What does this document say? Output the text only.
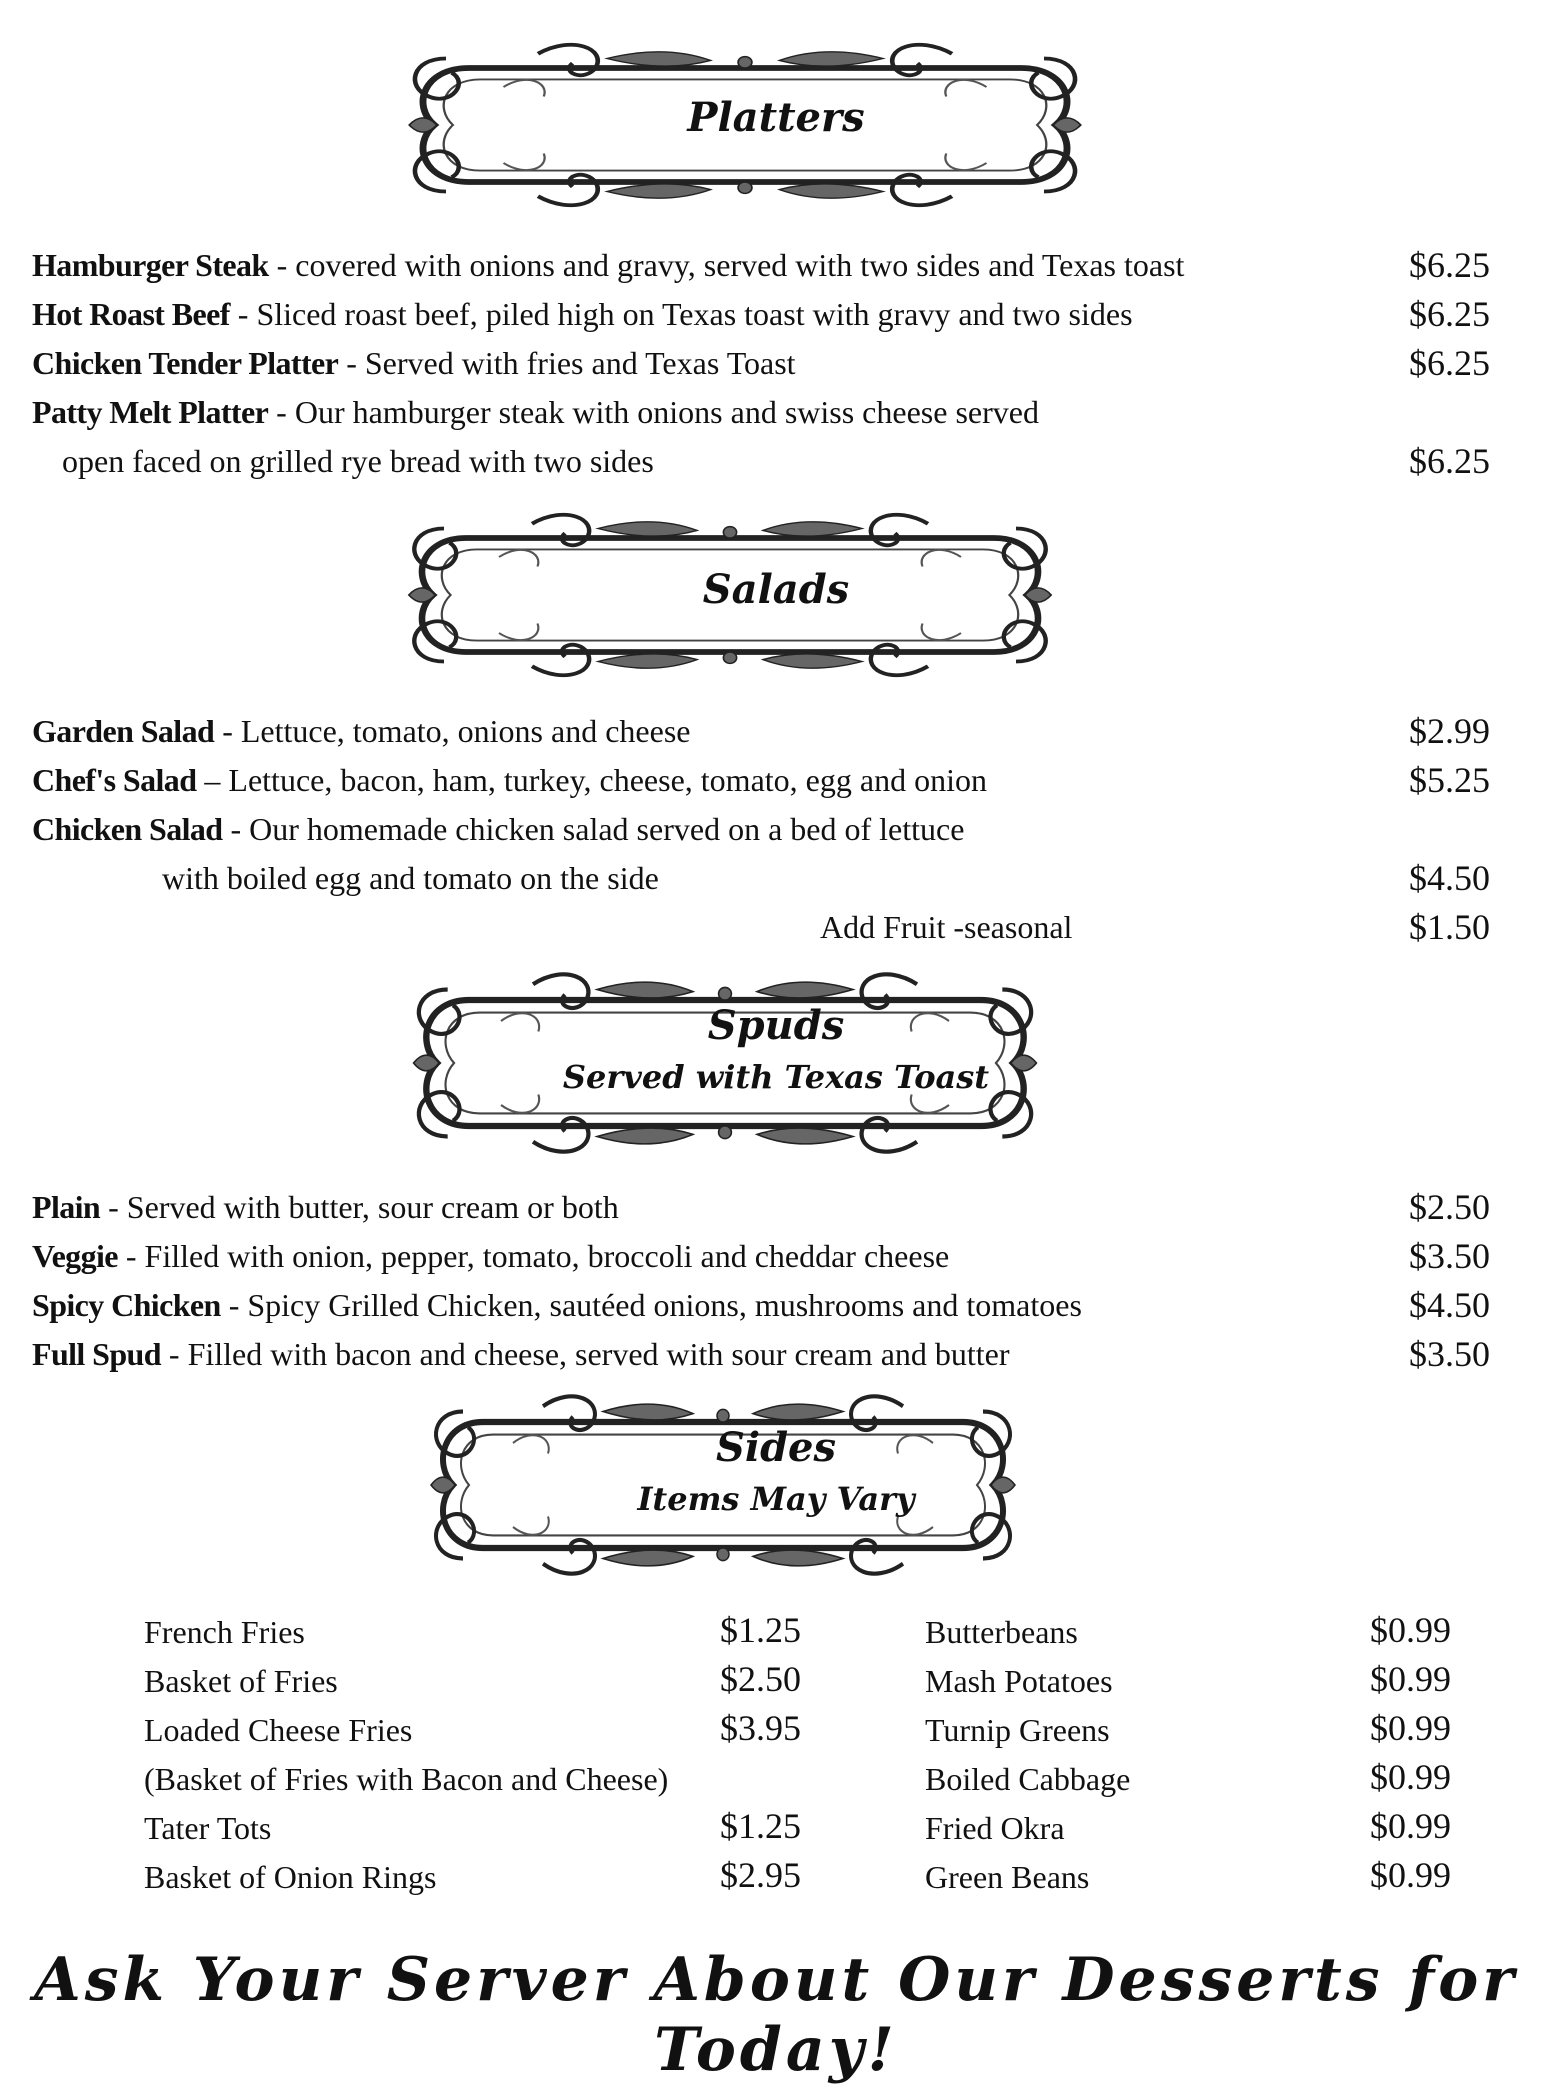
Platters
Hamburger Steak - covered with onions and gravy, served with two sides and Texas toast	$6.25
Hot Roast Beef - Sliced roast beef, piled high on Texas toast with gravy and two sides	$6.25
Chicken Tender Platter - Served with fries and Texas Toast	$6.25
Patty Melt Platter - Our hamburger steak with onions and swiss cheese served
open faced on grilled rye bread with two sides	$6.25
Salads
Garden Salad - Lettuce, tomato, onions and cheese	$2.99
Chef's Salad – Lettuce, bacon, ham, turkey, cheese, tomato, egg and onion	$5.25
Chicken Salad - Our homemade chicken salad served on a bed of lettuce
with boiled egg and tomato on the side	$4.50
Add Fruit -seasonal	$1.50
Spuds
Served with Texas Toast
Plain - Served with butter, sour cream or both	$2.50
Veggie - Filled with onion, pepper, tomato, broccoli and cheddar cheese	$3.50
Spicy Chicken - Spicy Grilled Chicken, sautéed onions, mushrooms and tomatoes	$4.50
Full Spud - Filled with bacon and cheese, served with sour cream and butter	$3.50
Sides
Items May Vary
French Fries	$1.25
Basket of Fries	$2.50
Loaded Cheese Fries	$3.95
(Basket of Fries with Bacon and Cheese)
Tater Tots	$1.25
Basket of Onion Rings	$2.95
Butterbeans	$0.99
Mash Potatoes	$0.99
Turnip Greens	$0.99
Boiled Cabbage	$0.99
Fried Okra	$0.99
Green Beans	$0.99
Ask Your Server About Our Desserts for Today!
